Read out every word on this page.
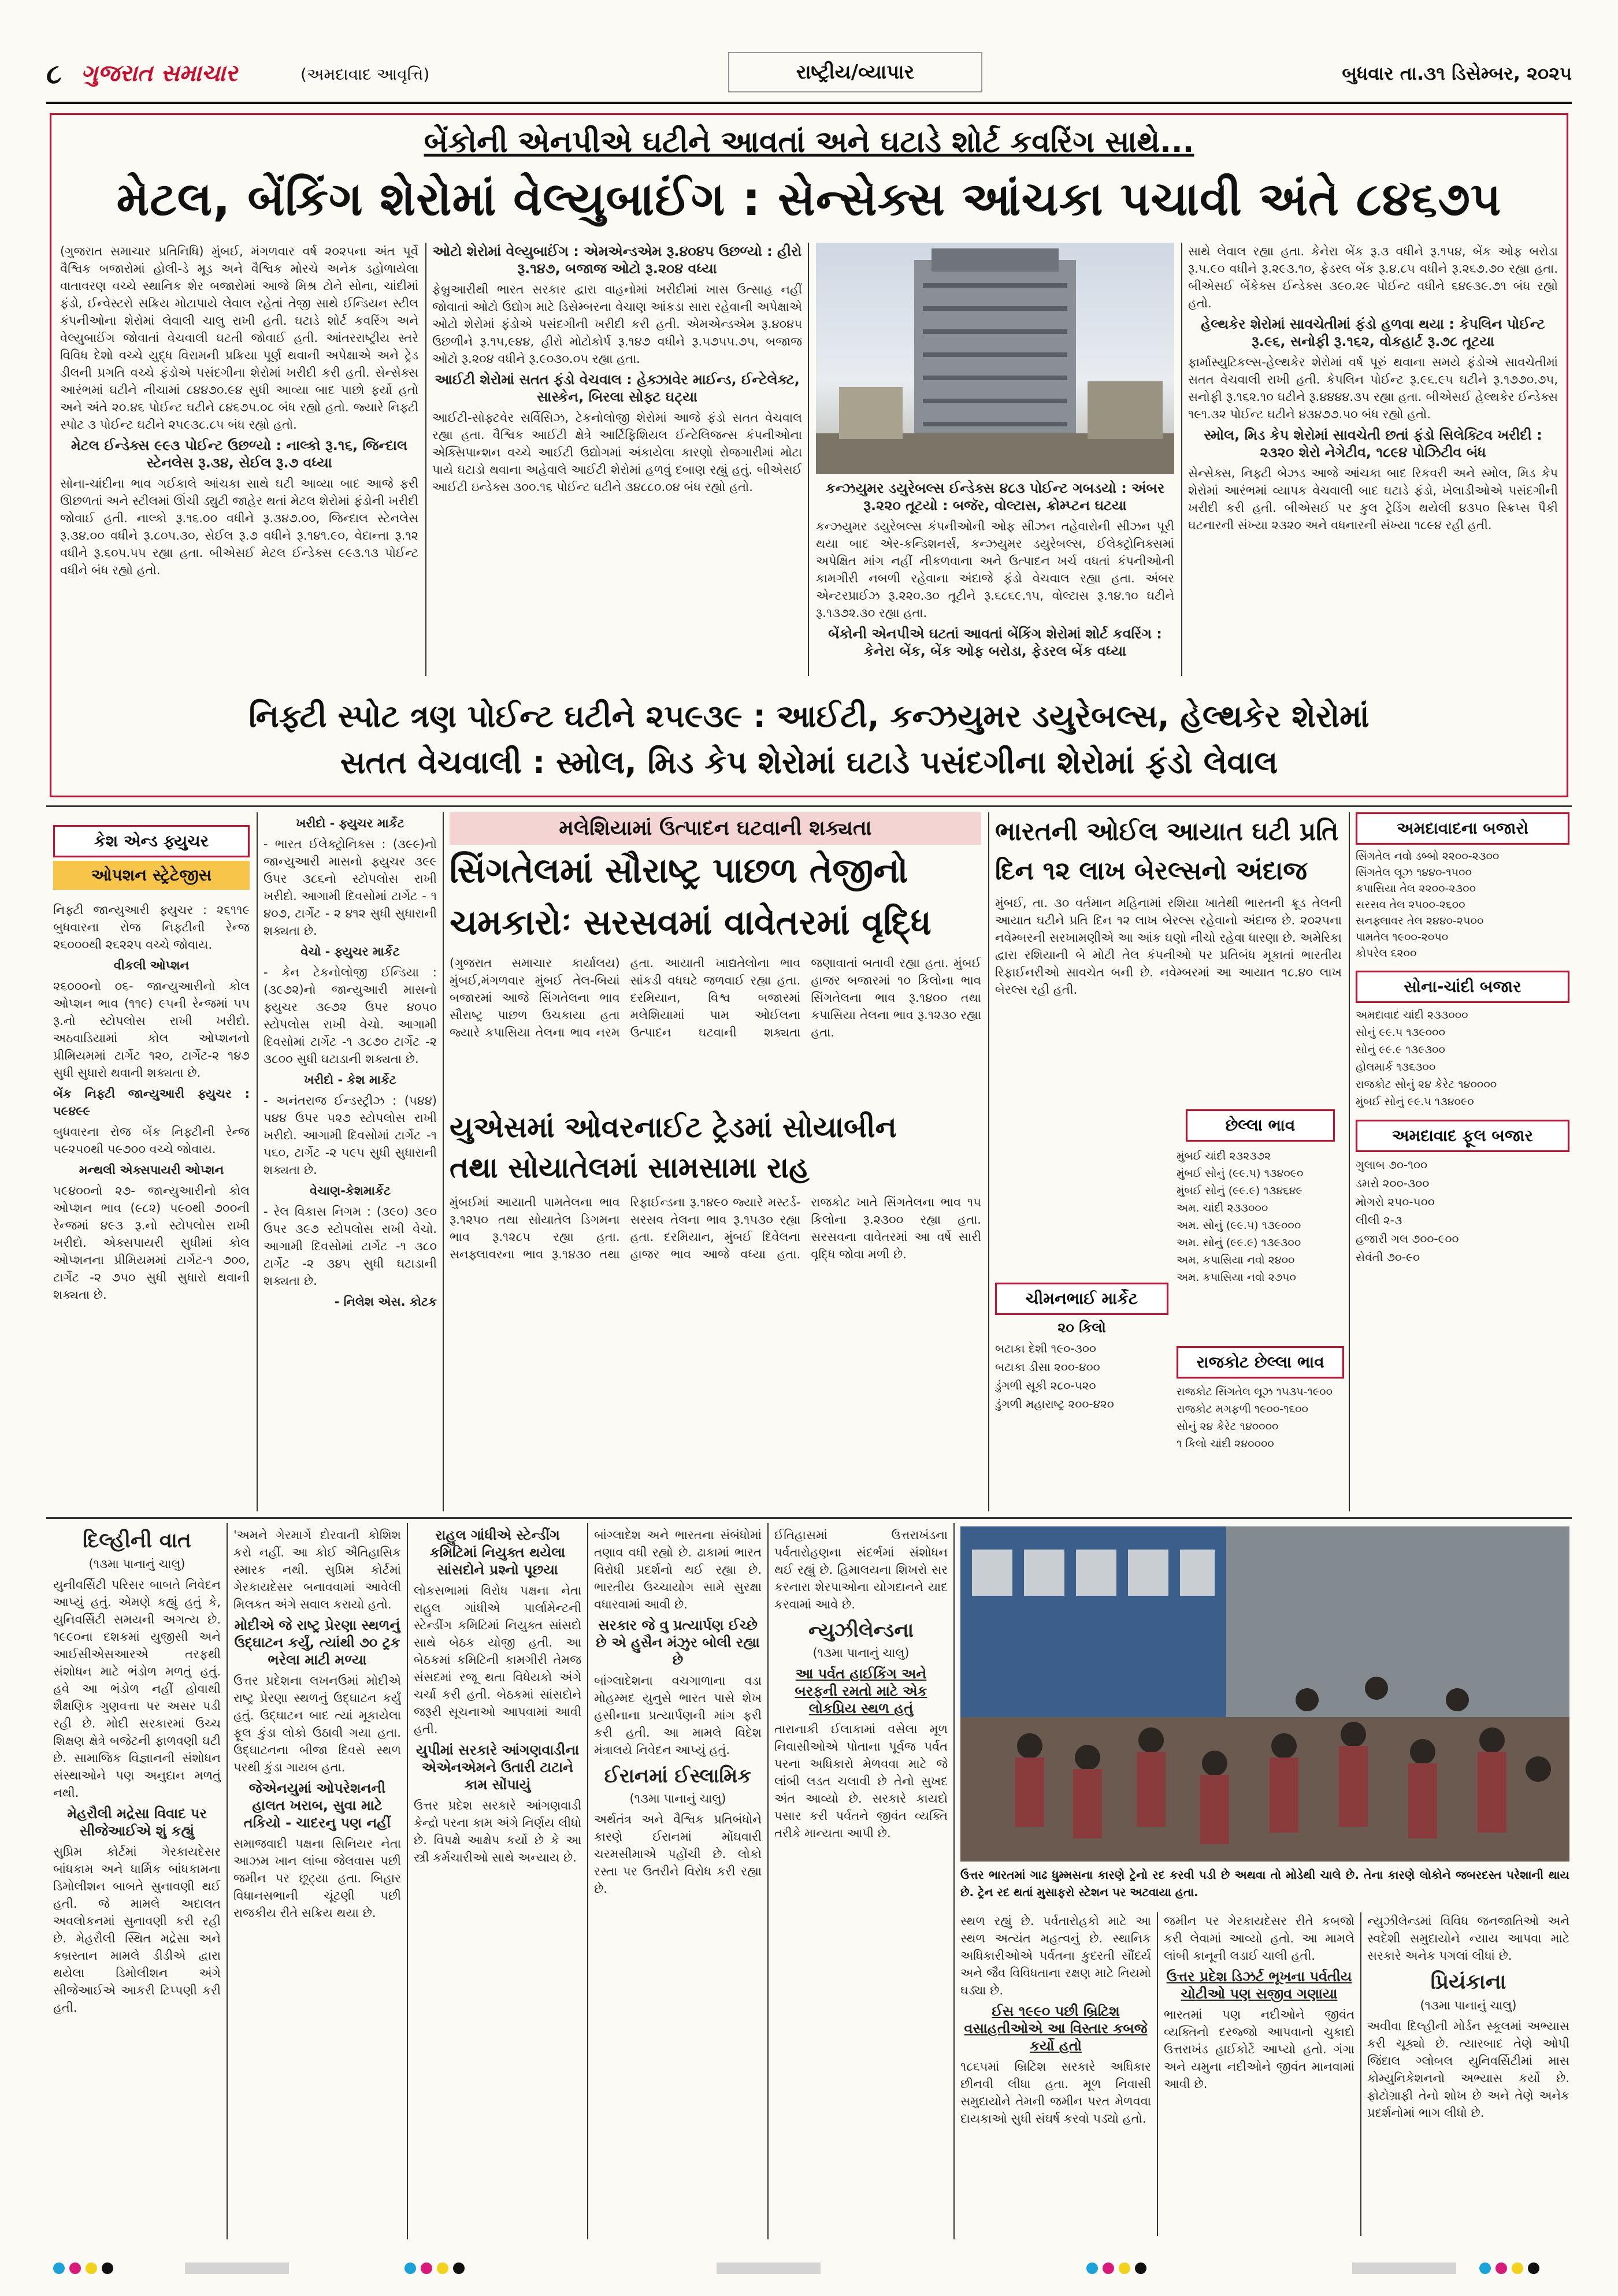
૮ ગુજરાત સમાચાર	(અમદાવાદ આવૃત્તિ)	રાષ્ટ્રીય/વ્યાપાર	બુધવાર તા.૩૧ ડિસેમ્બર, ૨૦૨૫
બેંકોની એનપીએ ઘટીને આવતાં અને ઘટાડે શોર્ટ કવરિંગ સાથે...
મેટલ, બેંકિંગ શેરોમાં વેલ્યુબાઈંગ : સેન્સેક્સ આંચકા પચાવી અંતે ૮૪૬૭૫

(ગુજરાત સમાચાર પ્રતિનિધિ) મુંબઈ, મંગળવાર વર્ષ ૨૦૨૫ના અંત પૂર્વે વૈશ્વિક બજારોમાં હોલી-ડે મૂડ અને વૈશ્વિક મોરચે અનેક ડહોળાયેલા વાતાવરણ વચ્ચે સ્થાનિક શેર બજારોમાં આજે મિશ્ર ટોને સોના, ચાંદીમાં ફંડો, ઈન્વેસ્ટરો સક્રિય મોટાપાયે લેવાલ રહેતાં તેજી સાથે ઈન્ડિયન સ્ટીલ કંપનીઓના શેરોમાં લેવાલી ચાલુ રાખી હતી. ઘટાડે શોર્ટ કવરિંગ અને વેલ્યુબાઈંગ જોવાતાં વેચવાલી ઘટતી જોવાઈ હતી. આંતરરાષ્ટ્રીય સ્તરે વિવિધ દેશો વચ્ચે યુદ્ધ વિરામની પ્રક્રિયા પૂર્ણ થવાની અપેક્ષાએ અને ટ્રેડ ડીલની પ્રગતિ વચ્ચે ફંડોએ પસંદગીના શેરોમાં ખરીદી કરી હતી. સેન્સેક્સ આરંભમાં ઘટીને નીચામાં ૮૪૪૭૦.૯૪ સુધી આવ્યા બાદ પાછો ફર્યો હતો અને અંતે ૨૦.૪૬ પોઈન્ટ ઘટીને ૮૪૬૭૫.૦૮ બંધ રહ્યો હતો. જ્યારે નિફ્ટી સ્પોટ ૩ પોઈન્ટ ઘટીને ૨૫૯૩૮.૮૫ બંધ રહ્યો હતો.

મેટલ ઈન્ડેક્સ ૯૯૩ પોઈન્ટ ઉછળ્યો : નાલ્કો રૂ.૧૬, જિન્દાલ સ્ટેનલેસ રૂ.૩૪, સેઈલ રૂ.૭ વધ્યા

સોના-ચાંદીના ભાવ ગઈકાલે આંચકા સાથે ઘટી આવ્યા બાદ આજે ફરી ઊછળતાં અને સ્ટીલમાં ઊંચી ડ્યુટી જાહેર થતાં મેટલ શેરોમાં ફંડોની ખરીદી જોવાઈ હતી. નાલ્કો રૂ.૧૬.૦૦ વધીને રૂ.૩૪૭.૦૦, જિન્દાલ સ્ટેનલેસ રૂ.૩૪.૦૦ વધીને રૂ.૮૦૫.૩૦, સેઈલ રૂ.૭ વધીને રૂ.૧૪૧.૯૦, વેદાન્તા રૂ.૧૨ વધીને રૂ.૬૦૫.૫૫ રહ્યા હતા. બીએસઈ મેટલ ઈન્ડેક્સ ૯૯૩.૧૩ પોઈન્ટ વધીને બંધ રહ્યો હતો.

ઓટો શેરોમાં વેલ્યુબાઈંગ : એમએન્ડએમ રૂ.૪૦૪૫ ઉછળ્યો : હીરો રૂ.૧૪૭, બજાજ ઓટો રૂ.૨૦૪ વધ્યા

ફેબ્રુઆરીથી ભારત સરકાર દ્વારા વાહનોમાં ખરીદીમાં ખાસ ઉત્સાહ નહીં જોવાતાં ઓટો ઉદ્યોગ માટે ડિસેમ્બરના વેચાણ આંકડા સારા રહેવાની અપેક્ષાએ ઓટો શેરોમાં ફંડોએ પસંદગીની ખરીદી કરી હતી. એમએન્ડએમ રૂ.૪૦૪૫ ઉછળીને રૂ.૧૫,૯૪૪, હીરો મોટોકોર્પ રૂ.૧૪૭ વધીને રૂ.૫૭૫૫.૭૫, બજાજ ઓટો રૂ.૨૦૪ વધીને રૂ.૯૦૩૦.૦૫ રહ્યા હતા.

આઈટી શેરોમાં સતત ફંડો વેચવાલ : હેક્ઝાવેર માઈન્ડ, ઈન્ટેલેક્ટ, સાસ્કેન, બિરલા સોફ્ટ ઘટ્યા

આઈટી-સોફ્ટવેર સર્વિસિઝ, ટેકનોલોજી શેરોમાં આજે ફંડો સતત વેચવાલ રહ્યા હતા. વૈશ્વિક આઈટી ક્ષેત્રે આર્ટિફિશિયલ ઈન્ટેલિજન્સ કંપનીઓના એક્સિપાન્શન વચ્ચે આઈટી ઉદ્યોગમાં અંકાયેલા કારણો રોજગારીમાં મોટા પાયે ઘટાડો થવાના અહેવાલે આઈટી શેરોમાં હળવું દબાણ રહ્યું હતું. બીએસઈ આઈટી ઇન્ડેક્સ ૩૦૦.૧૬ પોઈન્ટ ઘટીને ૩૪૮૮૦.૦૪ બંધ રહ્યો હતો.	કન્ઝયુમર ડયુરેબલ્સ ઈન્ડેક્સ ૪૮૩ પોઈન્ટ ગબડયો : અંબર રૂ.૨૨૦ તૂટયો : બજૅર, વોલ્ટાસ, ક્રોમ્પ્ટન ઘટયા

કન્ઝયુમર ડયુરેબલ્સ કંપનીઓની ઓફ સીઝન તહેવારોની સીઝન પૂરી થયા બાદ એર-કન્ડિશનર્સ, કન્ઝયુમર ડયુરેબલ્સ, ઈલેક્ટ્રોનિક્સમાં અપેક્ષિત માંગ નહીં નીકળવાના અને ઉત્પાદન ખર્ચ વધતાં કંપનીઓની કામગીરી નબળી રહેવાના અંદાજે ફંડો વેચવાલ રહ્યા હતા. અંબર એન્ટરપ્રાઈઝ રૂ.૨૨૦.૩૦ તૂટીને રૂ.૬૮૬૯.૧૫, વોલ્ટાસ રૂ.૧૪.૧૦ ઘટીને રૂ.૧૩૭૨.૩૦ રહ્યા હતા.

બેંકોની એનપીએ ઘટતાં આવતાં બેંકિંગ શેરોમાં શોર્ટ કવરિંગ : કેનેરા બેંક, બેંક ઓફ બરોડા, ફેડરલ બેંક વધ્યા

સાથે લેવાલ રહ્યા હતા. કેનેરા બેંક રૂ.૩ વધીને રૂ.૧૫૪, બેંક ઓફ બરોડા રૂ.૫.૯૦ વધીને રૂ.૨૯૩.૧૦, ફેડરલ બેંક રૂ.૪.૮૫ વધીને રૂ.૨૬૭.૭૦ રહ્યા હતા. બીએસઈ બેંકેક્સ ઈન્ડેક્સ ૩૯૦.૨૯ પોઈન્ટ વધીને ૬૪૯૩૯.૭૧ બંધ રહ્યો હતો.

હેલ્થકેર શેરોમાં સાવચેતીમાં ફંડો હળવા થયા : કેપલિન પોઈન્ટ રૂ.૯૬, સનોફી રૂ.૧૬૨, વોકહાર્ટ રૂ.૭૮ તૂટયા

ફાર્માસ્યુટિકલ્સ-હેલ્થકેર શેરોમાં વર્ષ પૂરું થવાના સમયે ફંડોએ સાવચેતીમાં સતત વેચવાલી રાખી હતી. કેપલિન પોઈન્ટ રૂ.૯૬.૯૫ ઘટીને રૂ.૧૭૭૦.૭૫, સનોફી રૂ.૧૬૨.૧૦ ઘટીને રૂ.૪૪૪૪.૩૫ રહ્યા હતા. બીએસઈ હેલ્થકેર ઈન્ડેક્સ ૧૯૧.૩૨ પોઈન્ટ ઘટીને ૪૩૪૭૭.૫૦ બંધ રહ્યો હતો.

સ્મોલ, મિડ કેપ શેરોમાં સાવચેતી છતાં ફંડો સિલેક્ટિવ ખરીદી : ૨૩૨૦ શેરો નેગેટીવ, ૧૮૯૪ પોઝિટીવ બંધ

સેન્સેક્સ, નિફ્ટી બેઝડ આજે આંચકા બાદ રિકવરી અને સ્મોલ, મિડ કેપ શેરોમાં આરંભમાં વ્યાપક વેચવાલી બાદ ઘટાડે ફંડો, ખેલાડીઓએ પસંદગીની ખરીદી કરી હતી. બીએસઈ પર કુલ ટ્રેડિંગ થયેલી ૪૩૫૦ સ્ક્રિપ્સ પૈકી ઘટનારની સંખ્યા ૨૩૨૦ અને વધનારની સંખ્યા ૧૮૯૪ રહી હતી.

નિફ્ટી સ્પોટ ત્રણ પોઈન્ટ ઘટીને ૨૫૯૩૯ : આઈટી, કન્ઝયુમર ડયુરેબલ્સ, હેલ્થકેર શેરોમાં
સતત વેચવાલી : સ્મોલ, મિડ કેપ શેરોમાં ઘટાડે પસંદગીના શેરોમાં ફંડો લેવાલ
કેશ એન્ડ ફ્યુચર
ઓપશન સ્ટ્રેટેજીસ

નિફ્ટી જાન્યુઆરી ફ્યુચર : ૨૬૧૧૯ બુધવારના રોજ નિફ્ટીની રેન્જ ૨૬૦૦૦થી ૨૬૨૨૫ વચ્ચે જોવાય.

વીકલી ઓપ્શન

૨૬૦૦૦નો ૦૬- જાન્યુઆરીનો કોલ ઓપ્શન ભાવ (૧૧૯) ૯૫ની રેન્જમાં ૫૫ રૂ.નો સ્ટોપલોસ રાખી ખરીદો. અઠવાડિયામાં કોલ ઓપ્શનનો પ્રીમિયમમાં ટાર્ગેટ ૧૨૦, ટાર્ગેટ-૨ ૧૪૭ સુધી સુધારો થવાની શક્યતા છે.

બેંક નિફ્ટી જાન્યુઆરી ફ્યુચર : ૫૯૪૯૯

બુધવારના રોજ બેંક નિફ્ટીની રેન્જ ૫૯૨૫૦થી ૫૯૭૦૦ વચ્ચે જોવાય.

મન્થલી એક્સપાયરી ઓપ્શન

૫૯૪૦૦નો ૨૭- જાન્યુઆરીનો કોલ ઓપ્શન ભાવ (૯૮૨) ૫૯૦થી ૭૦૦ની રેન્જમાં ૪૯૩ રૂ.નો સ્ટોપલોસ રાખી ખરીદો. એક્સપાયરી સુધીમાં કોલ ઓપ્શનના પ્રીમિયમમાં ટાર્ગેટ-૧ ૭૦૦, ટાર્ગેટ -૨ ૭૫૦ સુધી સુધારો થવાની શક્યતા છે.

ખરીદો - ફ્યુચર માર્કેટ

- ભારત ઈલેક્ટ્રોનિક્સ : (૩૯૯)નો જાન્યુઆરી માસનો ફ્યુચર ૩૯૯ ઉપર ૩૮૬નો સ્ટોપલોસ રાખી ખરીદો. આગામી દિવસોમાં ટાર્ગેટ - ૧ ૪૦૭, ટાર્ગેટ - ૨ ૪૧૨ સુધી સુધારાની શક્યતા છે.

વેચો - ફ્યુચર માર્કેટ

- કેન ટેકનોલોજી ઈન્ડિયા : (૩૯૭૨)નો જાન્યુઆરી માસનો ફ્યુચર ૩૯૭૨ ઉપર ૪૦૫૦ સ્ટોપલોસ રાખી વેચો. આગામી દિવસોમાં ટાર્ગેટ -૧ ૩૮૭૦ ટાર્ગેટ -૨ ૩૮૦૦ સુધી ઘટાડાની શક્યતા છે.

ખરીદો - કેશ માર્કેટ

- અનંતરાજ ઈન્ડસ્ટ્રીઝ : (૫૪૪) ૫૪૪ ઉપર ૫૨૭ સ્ટોપલોસ રાખી ખરીદો. આગામી દિવસોમાં ટાર્ગેટ -૧ ૫૬૦, ટાર્ગેટ -૨ ૫૯૫ સુધી સુધારાની શક્યતા છે.

વેચાણ-કેશમાર્કેટ

- રેલ વિકાસ નિગમ : (૩૯૦) ૩૯૦ ઉપર ૩૯૭ સ્ટોપલોસ રાખી વેચો. આગામી દિવસોમાં ટાર્ગેટ -૧ ૩૮૦ ટાર્ગેટ -૨ ૩૪૫ સુધી ઘટાડાની શક્યતા છે.

- નિલેશ એસ. કોટક

મલેશિયામાં ઉત્પાદન ઘટવાની શક્યતા
સિંગતેલમાં સૌરાષ્ટ્ર પાછળ તેજીનો
ચમકારોઃ સરસવમાં વાવેતરમાં વૃદ્ધિ
(ગુજરાત સમાચાર કાર્યાલય) મુંબઈ,મંગળવાર મુંબઈ તેલ-બિયાં બજારમાં આજે સિંગતેલના ભાવ સૌરાષ્ટ્ર પાછળ ઉચકાયા હતા જ્યારે કપાસિયા તેલના ભાવ નરમ હતા. આયાતી ખાદ્યતેલોના ભાવ સાંકડી વધઘટે જળવાઈ રહ્યા હતા. દરમિયાન, વિશ્વ બજારમાં મલેશિયામાં પામ ઓઈલના ઉત્પાદન ઘટવાની શક્યતા જણાવાતાં બતાવી રહ્યા હતા. મુંબઈ હાજર બજારમાં ૧૦ કિલોના ભાવ સિંગતેલના ભાવ રૂ.૧૪૦૦ તથા કપાસિયા તેલના ભાવ રૂ.૧૨૩૦ રહ્યા હતા.
યુએસમાં ઓવરનાઈટ ટ્રેડમાં સોયાબીન
તથા સોયાતેલમાં સામસામા રાહ
મુંબઈમાં આયાતી પામતેલના ભાવ રૂ.૧૨૫૦ તથા સોયાતેલ ડિગમના ભાવ રૂ.૧૨૮૫ રહ્યા હતા. સનફ્લાવરના ભાવ રૂ.૧૪૩૦ તથા રિફાઈન્ડના રૂ.૧૪૯૦ જ્યારે મસ્ટર્ડ-સરસવ તેલના ભાવ રૂ.૧૫૩૦ રહ્યા હતા. દરમિયાન, મુંબઈ દિવેલના હાજર ભાવ આજે વધ્યા હતા. રાજકોટ ખાતે સિંગતેલના ભાવ ૧૫ કિલોના રૂ.૨૩૦૦ રહ્યા હતા. સરસવના વાવેતરમાં આ વર્ષે સારી વૃદ્ધિ જોવા મળી છે.
ભારતની ઓઈલ આયાત ઘટી પ્રતિ
દિન ૧૨ લાખ બેરલ્સનો અંદાજ
મુંબઈ, તા. ૩૦ વર્તમાન મહિનામાં રશિયા ખાતેથી ભારતની ક્રૂડ તેલની આયાત ઘટીને પ્રતિ દિન ૧૨ લાખ બેરલ્સ રહેવાનો અંદાજ છે. ૨૦૨૫ના નવેમ્બરની સરખામણીએ આ આંક ઘણો નીચો રહેવા ધારણા છે. અમેરિકા દ્વારા રશિયાની બે મોટી તેલ કંપનીઓ પર પ્રતિબંધ મૂકાતાં ભારતીય રિફાઈનરીઓ સાવચેત બની છે. નવેમ્બરમાં આ આયાત ૧૮.૪૦ લાખ બેરલ્સ રહી હતી.
છેલ્લા ભાવ
મુંબઈ ચાંદી ૨૩૨૩૭૨
મુંબઈ સોનું (૯૯.૫) ૧૩૪૦૯૦
મુંબઈ સોનું (૯૯.૯) ૧૩૪૬૪૯
અમ. ચાંદી ૨૩૩૦૦૦
અમ. સોનું (૯૯.૫) ૧૩૯૦૦૦
અમ. સોનું (૯૯.૯) ૧૩૯૩૦૦
અમ. કપાસિયા નવો ૨૪૦૦
અમ. કપાસિયા નવો ૨૭૫૦
ચીમનભાઈ માર્કેટ
૨૦ કિલો
બટાકા દેશી ૧૯૦-૩૦૦
બટાકા ડીસા ૨૦૦-૪૦૦
ડુંગળી સૂકી ૨૮૦-૫૨૦
ડુંગળી મહારાષ્ટ્ર ૨૦૦-૪૨૦
રાજકોટ છેલ્લા ભાવ
રાજકોટ સિંગતેલ લૂઝ ૧૫૩૫-૧૯૦૦
રાજકોટ મગફળી ૧૯૦૦-૧૬૦૦
સોનું ૨૪ કેરેટ ૧૪૦૦૦૦
૧ કિલો ચાંદી ૨૪૦૦૦૦
અમદાવાદના બજારો
સિંગતેલ નવો ડબ્બો ૨૨૦૦-૨૩૦૦
સિંગતેલ લૂઝ ૧૪૪૦-૧૫૦૦
કપાસિયા તેલ ૨૨૦૦-૨૩૦૦
સરસવ તેલ ૨૫૦૦-૨૬૦૦
સનફ્લાવર તેલ ૨૪૪૦-૨૫૦૦
પામતેલ ૧૯૦૦-૨૦૫૦
કોપરેલ ૬૨૦૦
સોના-ચાંદી બજાર
અમદાવાદ ચાંદી ૨૩૩૦૦૦
સોનું ૯૯.૫ ૧૩૯૦૦૦
સોનું ૯૯.૯ ૧૩૯૩૦૦
હોલમાર્ક ૧૩૬૩૦૦
રાજકોટ સોનું ૨૪ કેરેટ ૧૪૦૦૦૦
મુંબઈ સોનું ૯૯.૫ ૧૩૪૦૯૦
અમદાવાદ ફૂલ બજાર
ગુલાબ ૭૦-૧૦૦
ડમરો ૨૦૦-૩૦૦
મોગરો ૨૫૦-૫૦૦
લીલી ૨-૩
હજારી ગલ ૭૦૦-૯૦૦
સેવંતી ૭૦-૯૦
દિલ્હીની વાત

(૧૩મા પાનાનું ચાલુ)

યુનીવર્સિટી પરિસર બાબતે નિવેદન આપ્યું હતું. એમણે કહ્યું હતું કે, યુનિવર્સિટી સમયની અગત્ય છે. ૧૯૯૦ના દશકમાં યુજીસી અને આઈસીએસઆરએ તરફથી સંશોધન માટે ભંડોળ મળતું હતું. હવે આ ભંડોળ નહીં હોવાથી શૈક્ષણિક ગુણવત્તા પર અસર પડી રહી છે. મોદી સરકારમાં ઉચ્ચ શિક્ષણ ક્ષેત્રે બજેટની ફાળવણી ઘટી છે. સામાજિક વિજ્ઞાનની સંશોધન સંસ્થાઓને પણ અનુદાન મળતું નથી.

મેહરૌલી મદ્રેસા વિવાદ પર સીજેઆઈએ શું કહ્યું

સુપ્રિમ કોર્ટમાં ગેરકાયદેસર બાંધકામ અને ધાર્મિક બાંધકામના ડિમોલીશન બાબતે સુનાવણી થઈ હતી. જે મામલે અદાલત અવલોકનમાં સુનાવણી કરી રહી છે. મેહરૌલી સ્થિત મદ્રેસા અને કબ્રસ્તાન મામલે ડીડીએ દ્વારા થયેલા ડિમોલીશન અંગે સીજેઆઈએ આકરી ટિપ્પણી કરી હતી.

'અમને ગેરમાર્ગે દોરવાની કોશિશ કરો નહીં. આ કોઈ ઐતિહાસિક સ્મારક નથી. સુપ્રિમ કોર્ટમાં ગેરકાયદેસર બનાવવામાં આવેલી મિલકત અંગે સવાલ કરાયો હતો.

મોદીએ જે રાષ્ટ્ર પ્રેરણા સ્થળનું ઉદ્ઘાટન કર્યું, ત્યાંથી ૭૦ ટ્રક ભરેલા માટી મળ્યા

ઉત્તર પ્રદેશના લખનઉમાં મોદીએ રાષ્ટ્ર પ્રેરણા સ્થળનું ઉદ્ઘાટન કર્યું હતું. ઉદ્ઘાટન બાદ ત્યાં મૂકાયેલા ફૂલ કુંડા લોકો ઉઠાવી ગયા હતા. ઉદ્ઘાટનના બીજા દિવસે સ્થળ પરથી કુંડા ગાયબ હતા.

જેએનયુમાં ઓપરેશનની હાલત ખરાબ, સુવા માટે તકિયો - ચાદરનુ પણ નહીં

સમાજવાદી પક્ષના સિનિયર નેતા આઝમ ખાન લાંબા જેલવાસ પછી જમીન પર છૂટ્યા હતા. બિહાર વિધાનસભાની ચૂંટણી પછી રાજકીય રીતે સક્રિય થયા છે.

રાહુલ ગાંધીએ સ્ટેન્ડીંગ કમિટિમાં નિયુક્ત થયેલા સાંસદોને પ્રશ્નો પૂછયા

લોકસભામાં વિરોધ પક્ષના નેતા રાહુલ ગાંધીએ પાર્લામેન્ટની સ્ટેન્ડીંગ કમિટિમાં નિયુક્ત સાંસદો સાથે બેઠક યોજી હતી. આ બેઠકમાં કમિટિની કામગીરી તેમજ સંસદમાં રજૂ થતા વિધેયકો અંગે ચર્ચા કરી હતી. બેઠકમાં સાંસદોને જરૂરી સૂચનાઓ આપવામાં આવી હતી.

યુપીમાં સરકારે આંગણવાડીના એએનએમને ઉતારી ટાટાને કામ સોંપાયું

ઉત્તર પ્રદેશ સરકારે આંગણવાડી કેન્દ્રો પરના કામ અંગે નિર્ણય લીધો છે. વિપક્ષે આક્ષેપ કર્યો છે કે આ સ્ત્રી કર્મચારીઓ સાથે અન્યાય છે.

બાંગ્લાદેશ અને ભારતના સંબંધોમાં તણાવ વધી રહ્યો છે. ઢાકામાં ભારત વિરોધી પ્રદર્શનો થઈ રહ્યા છે. ભારતીય ઉચ્ચાયોગ સામે સુરક્ષા વધારવામાં આવી છે.

સરકાર જે વુ પ્રત્યાર્પણ ઈચ્છે છે એ હુસૈન મંઝુર બોલી રહ્યા છે

બાંગ્લાદેશના વચગાળાના વડા મોહમ્મદ યુનુસે ભારત પાસે શેખ હસીનાના પ્રત્યાર્પણની માંગ ફરી કરી હતી. આ મામલે વિદેશ મંત્રાલયે નિવેદન આપ્યું હતું.

ઈરાનમાં ઈસ્લામિક

(૧૩મા પાનાનું ચાલુ)

અર્થતંત્ર અને વૈશ્વિક પ્રતિબંધોને કારણે ઈરાનમાં મોંઘવારી ચરમસીમાએ પહોંચી છે. લોકો રસ્તા પર ઉતરીને વિરોધ કરી રહ્યા છે.

ઈતિહાસમાં ઉત્તરાખંડના પર્વતારોહણના સંદર્ભમાં સંશોધન થઈ રહ્યું છે. હિમાલયના શિખરો સર કરનારા શેરપાઓના યોગદાનને યાદ કરવામાં આવે છે.

ન્યુઝીલેન્ડના

(૧૩મા પાનાનું ચાલુ)

આ પર્વત હાઈકિંગ અને બરફની રમતો માટે એક લોકપ્રિય સ્થળ હતું

તારાનાકી ઈલાકામાં વસેલા મૂળ નિવાસીઓએ પોતાના પૂર્વજ પર્વત પરના અધિકારો મેળવવા માટે જે લાંબી લડત ચલાવી છે તેનો સુખદ અંત આવ્યો છે. સરકારે કાયદો પસાર કરી પર્વતને જીવંત વ્યક્તિ તરીકે માન્યતા આપી છે.

ઉત્તર ભારતમાં ગાઢ ધુમ્મસના કારણે ટ્રેનો રદ કરવી પડી છે અથવા તો મોડેથી ચાલે છે. તેના કારણે લોકોને જબરદસ્ત પરેશાની થાય છે. ટ્રેન રદ થતાં મુસાફરો સ્ટેશન પર અટવાયા હતા.

સ્થળ રહ્યું છે. પર્વતારોહકો માટે આ સ્થળ અત્યંત મહત્વનું છે. સ્થાનિક અધિકારીઓએ પર્વતના કુદરતી સૌંદર્ય અને જૈવ વિવિધતાના રક્ષણ માટે નિયમો ઘડ્યા છે.

ઈસ ૧૯૯૦ પછી બ્રિટિશ વસાહતીઓએ આ વિસ્તાર કબજે કર્યો હતો

૧૮૬૫માં બ્રિટિશ સરકારે અધિકાર છીનવી લીધા હતા. મૂળ નિવાસી સમુદાયોને તેમની જમીન પરત મેળવવા દાયકાઓ સુધી સંઘર્ષ કરવો પડ્યો હતો.

જમીન પર ગેરકાયદેસર રીતે કબજો કરી લેવામાં આવ્યો હતો. આ મામલે લાંબી કાનૂની લડાઈ ચાલી હતી.

ઉત્તર પ્રદેશ ડિઝર્ટ ભૂખના પર્વતીય ચોટીઓ પણ સજીવ ગણાયા

ભારતમાં પણ નદીઓને જીવંત વ્યક્તિનો દરજ્જો આપવાનો ચુકાદો ઉત્તરાખંડ હાઈકોર્ટે આપ્યો હતો. ગંગા અને યમુના નદીઓને જીવંત માનવામાં આવી છે.

ન્યુઝીલેન્ડમાં વિવિધ જનજાતિઓ અને સ્વદેશી સમુદાયોને ન્યાય આપવા માટે સરકારે અનેક પગલાં લીધાં છે.

પ્રિયંકાના

(૧૩મા પાનાનું ચાલુ)

અવીવા દિલ્હીની મોર્ડન સ્કૂલમાં અભ્યાસ કરી ચૂક્યો છે. ત્યારબાદ તેણે ઓપી જિંદાલ ગ્લોબલ યુનિવર્સિટીમાં માસ કોમ્યુનિકેશનનો અભ્યાસ કર્યો છે. ફોટોગ્રાફી તેનો શોખ છે અને તેણે અનેક પ્રદર્શનોમાં ભાગ લીધો છે.
